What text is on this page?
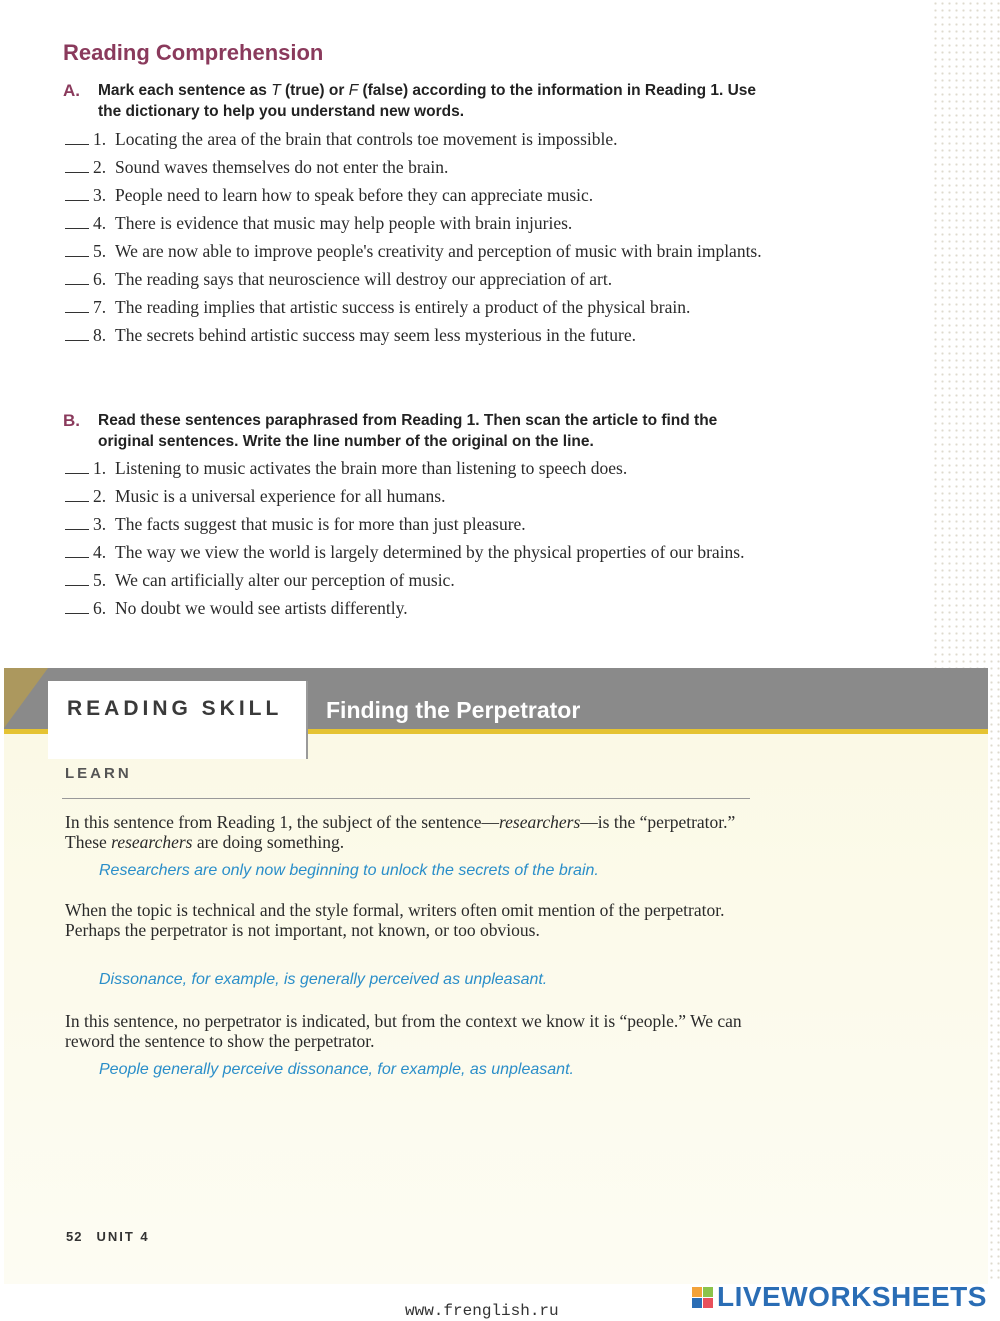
Reading Comprehension
A.	Mark each sentence as T (true) or F (false) according to the information in Reading 1. Use the dictionary to help you understand new words.
1. Locating the area of the brain that controls toe movement is impossible.
2. Sound waves themselves do not enter the brain.
3. People need to learn how to speak before they can appreciate music.
4. There is evidence that music may help people with brain injuries.
5. We are now able to improve people's creativity and perception of music with brain implants.
6. The reading says that neuroscience will destroy our appreciation of art.
7. The reading implies that artistic success is entirely a product of the physical brain.
8. The secrets behind artistic success may seem less mysterious in the future.
B.	Read these sentences paraphrased from Reading 1. Then scan the article to find the original sentences. Write the line number of the original on the line.
1. Listening to music activates the brain more than listening to speech does.
2. Music is a universal experience for all humans.
3. The facts suggest that music is for more than just pleasure.
4. The way we view the world is largely determined by the physical properties of our brains.
5. We can artificially alter our perception of music.
6. No doubt we would see artists differently.
READING SKILL Finding the Perpetrator
LEARN

In this sentence from Reading 1, the subject of the sentence—researchers—is the “perpetrator.” These researchers are doing something.

Researchers are only now beginning to unlock the secrets of the brain.

When the topic is technical and the style formal, writers often omit mention of the perpetrator. Perhaps the perpetrator is not important, not known, or too obvious.

Dissonance, for example, is generally perceived as unpleasant.

In this sentence, no perpetrator is indicated, but from the context we know it is “people.” We can reword the sentence to show the perpetrator.

People generally perceive dissonance, for example, as unpleasant.

52 UNIT 4
www.frenglish.ru	LIVEWORKSHEETS
